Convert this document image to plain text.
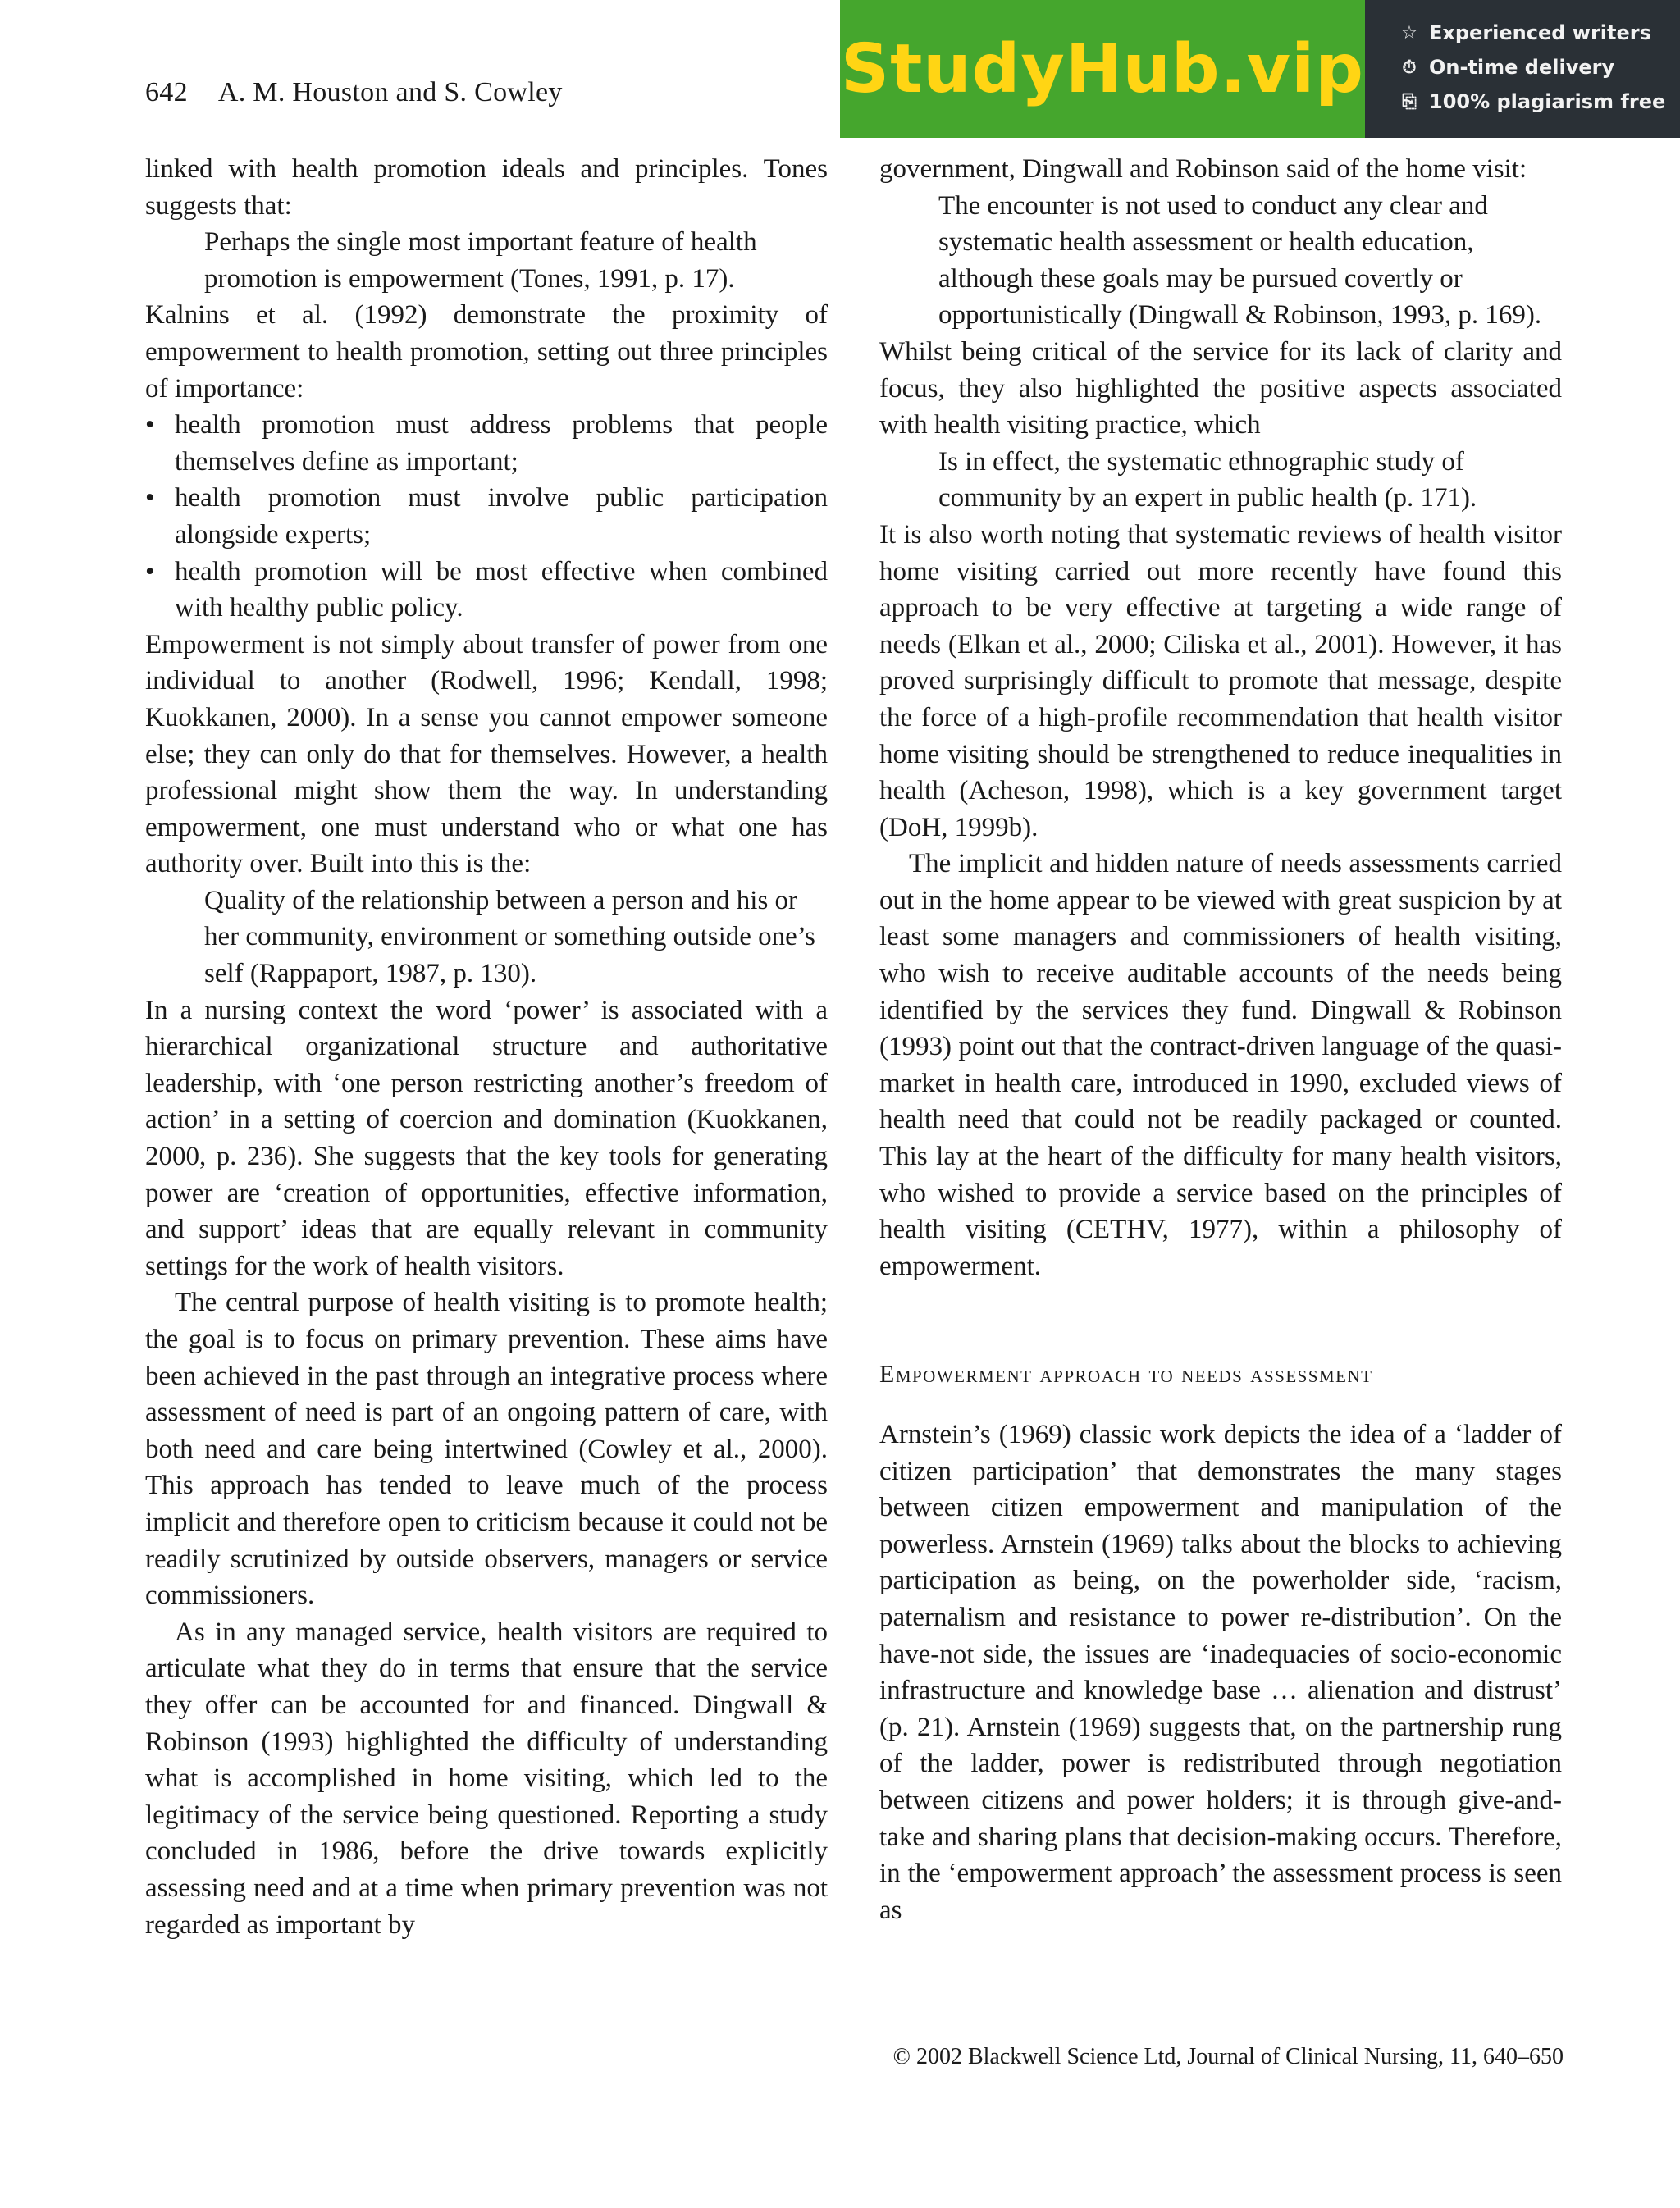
642 A. M. Houston and S. Cowley	StudyHub.vip ☆ Experienced writers
⏱ On-time delivery
⎘ 100% plagiarism free

linked with health promotion ideals and principles. Tones suggests that:

Perhaps the single most important feature of health promotion is empowerment (Tones, 1991, p. 17).

Kalnins et al. (1992) demonstrate the proximity of empowerment to health promotion, setting out three principles of importance:

• health promotion must address problems that people themselves define as important;
• health promotion must involve public participation alongside experts;
• health promotion will be most effective when combined with healthy public policy.

Empowerment is not simply about transfer of power from one individual to another (Rodwell, 1996; Kendall, 1998; Kuokkanen, 2000). In a sense you cannot empower someone else; they can only do that for themselves. However, a health professional might show them the way. In understanding empowerment, one must understand who or what one has authority over. Built into this is the:

Quality of the relationship between a person and his or her community, environment or something outside one’s self (Rappaport, 1987, p. 130).

In a nursing context the word ‘power’ is associated with a hierarchical organizational structure and authoritative leadership, with ‘one person restricting another’s freedom of action’ in a setting of coercion and domination (Kuokkanen, 2000, p. 236). She suggests that the key tools for generating power are ‘creation of opportunities, effective information, and support’ ideas that are equally relevant in community settings for the work of health visitors.

The central purpose of health visiting is to promote health; the goal is to focus on primary prevention. These aims have been achieved in the past through an integrative process where assessment of need is part of an ongoing pattern of care, with both need and care being intertwined (Cowley et al., 2000). This approach has tended to leave much of the process implicit and therefore open to criticism because it could not be readily scrutinized by outside observers, managers or service commissioners.

As in any managed service, health visitors are required to articulate what they do in terms that ensure that the service they offer can be accounted for and financed. Dingwall & Robinson (1993) highlighted the difficulty of understanding what is accomplished in home visiting, which led to the legitimacy of the service being questioned. Reporting a study concluded in 1986, before the drive towards explicitly assessing need and at a time when primary prevention was not regarded as important by

government, Dingwall and Robinson said of the home visit:

The encounter is not used to conduct any clear and systematic health assessment or health education, although these goals may be pursued covertly or opportunistically (Dingwall & Robinson, 1993, p. 169).

Whilst being critical of the service for its lack of clarity and focus, they also highlighted the positive aspects associated with health visiting practice, which

Is in effect, the systematic ethnographic study of community by an expert in public health (p. 171).

It is also worth noting that systematic reviews of health visitor home visiting carried out more recently have found this approach to be very effective at targeting a wide range of needs (Elkan et al., 2000; Ciliska et al., 2001). However, it has proved surprisingly difficult to promote that message, despite the force of a high-profile recommendation that health visitor home visiting should be strengthened to reduce inequalities in health (Acheson, 1998), which is a key government target (DoH, 1999b).

The implicit and hidden nature of needs assessments carried out in the home appear to be viewed with great suspicion by at least some managers and commissioners of health visiting, who wish to receive auditable accounts of the needs being identified by the services they fund. Dingwall & Robinson (1993) point out that the contract-driven language of the quasi-market in health care, introduced in 1990, excluded views of health need that could not be readily packaged or counted. This lay at the heart of the difficulty for many health visitors, who wished to provide a service based on the principles of health visiting (CETHV, 1977), within a philosophy of empowerment.

Empowerment approach to needs assessment

Arnstein’s (1969) classic work depicts the idea of a ‘ladder of citizen participation’ that demonstrates the many stages between citizen empowerment and manipulation of the powerless. Arnstein (1969) talks about the blocks to achieving participation as being, on the powerholder side, ‘racism, paternalism and resistance to power re-distribution’. On the have-not side, the issues are ‘inadequacies of socio-economic infrastructure and knowledge base … alienation and distrust’ (p. 21). Arnstein (1969) suggests that, on the partnership rung of the ladder, power is redistributed through negotiation between citizens and power holders; it is through give-and-take and sharing plans that decision-making occurs. Therefore, in the ‘empowerment approach’ the assessment process is seen as

© 2002 Blackwell Science Ltd, Journal of Clinical Nursing, 11, 640–650
